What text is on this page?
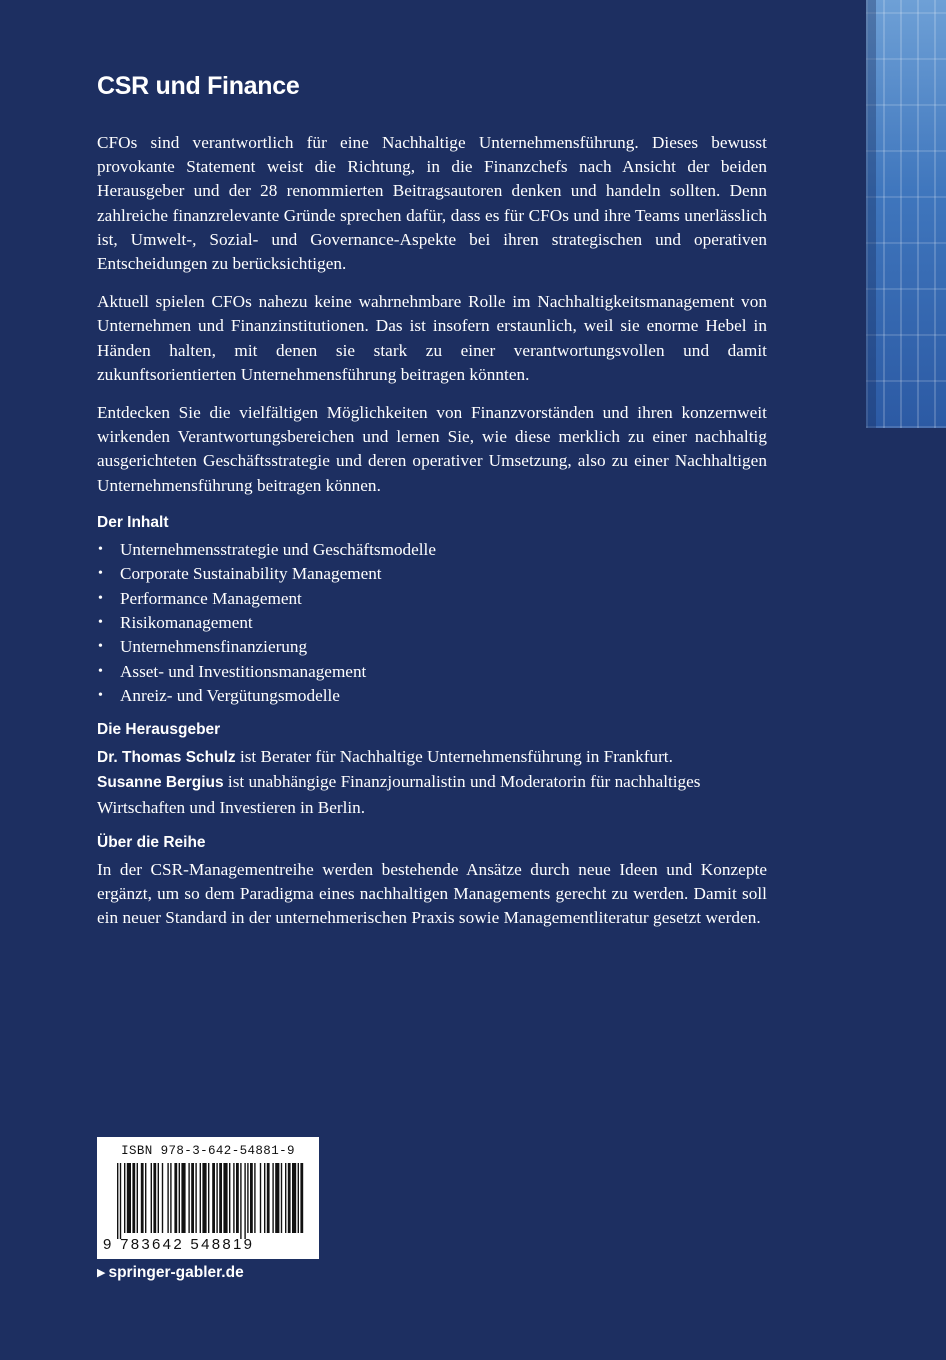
CSR und Finance

CFOs sind verantwortlich für eine Nachhaltige Unternehmensführung. Dieses bewusst provokante Statement weist die Richtung, in die Finanzchefs nach Ansicht der beiden Herausgeber und der 28 renommierten Beitragsautoren denken und handeln sollten. Denn zahlreiche finanzrelevante Gründe sprechen dafür, dass es für CFOs und ihre Teams unerlässlich ist, Umwelt-, Sozial- und Governance-Aspekte bei ihren strategischen und operativen Entscheidungen zu berücksichtigen.

Aktuell spielen CFOs nahezu keine wahrnehmbare Rolle im Nachhaltigkeitsmanagement von Unternehmen und Finanzinstitutionen. Das ist insofern erstaunlich, weil sie enorme Hebel in Händen halten, mit denen sie stark zu einer verantwortungsvollen und damit zukunftsorientierten Unternehmensführung beitragen könnten.

Entdecken Sie die vielfältigen Möglichkeiten von Finanzvorständen und ihren konzernweit wirkenden Verantwortungsbereichen und lernen Sie, wie diese merklich zu einer nachhaltig ausgerichteten Geschäftsstrategie und deren operativer Umsetzung, also zu einer Nachhaltigen Unternehmensführung beitragen können.

Der Inhalt
• Unternehmensstrategie und Geschäftsmodelle
• Corporate Sustainability Management
• Performance Management
• Risikomanagement
• Unternehmensfinanzierung
• Asset- und Investitionsmanagement
• Anreiz- und Vergütungsmodelle
Die Herausgeber

Dr. Thomas Schulz ist Berater für Nachhaltige Unternehmensführung in Frankfurt.

Susanne Bergius ist unabhängige Finanzjournalistin und Moderatorin für nachhaltiges Wirtschaften und Investieren in Berlin.

Über die Reihe

In der CSR-Managementreihe werden bestehende Ansätze durch neue Ideen und Konzepte ergänzt, um so dem Paradigma eines nachhaltigen Managements gerecht zu werden. Damit soll ein neuer Standard in der unternehmerischen Praxis sowie Managementliteratur gesetzt werden.

ISBN 978-3-642-54881-9
9 783642 548819
▶ springer-gabler.de
